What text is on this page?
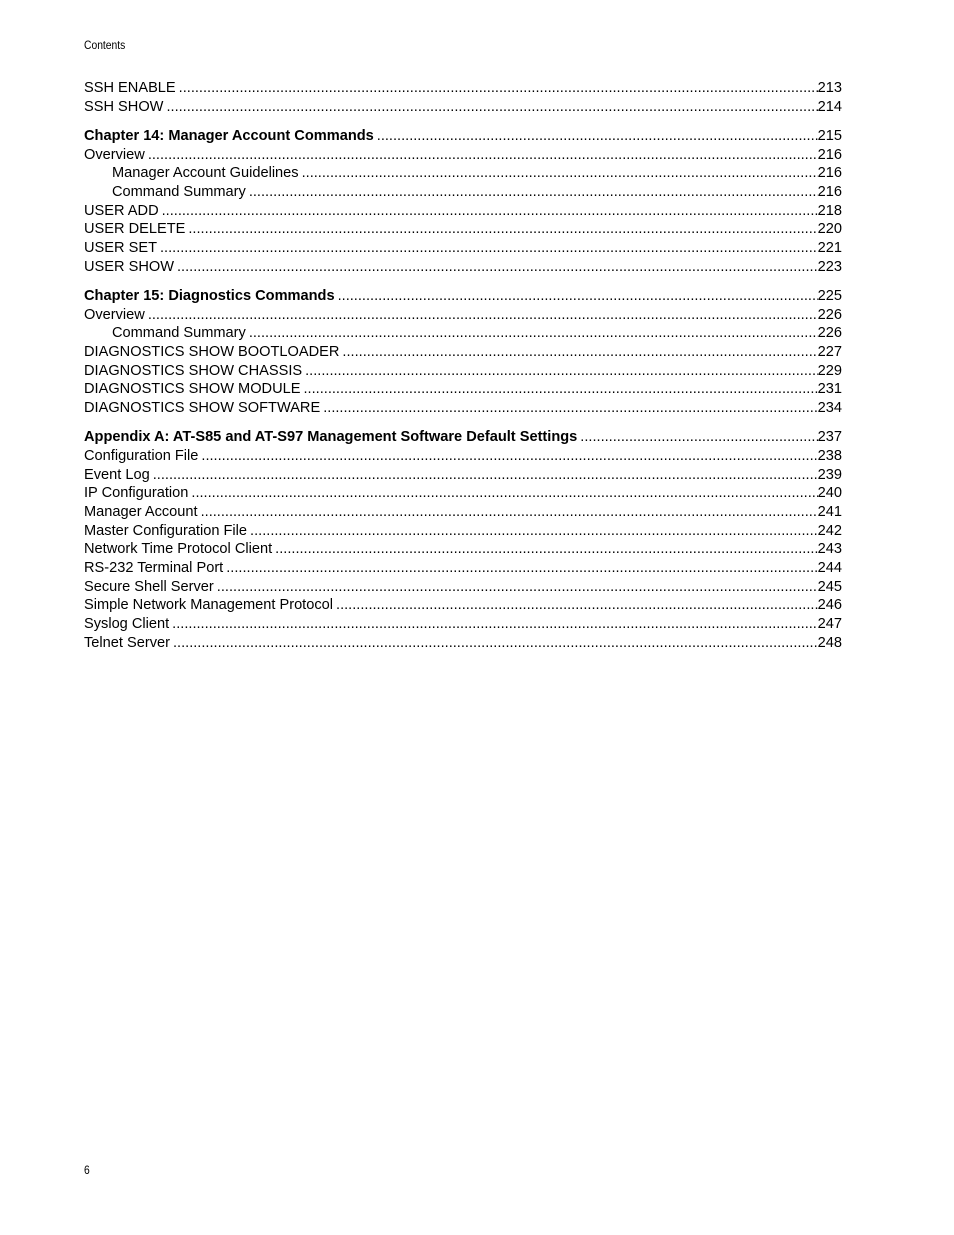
Contents
SSH ENABLE .....	213
SSH SHOW .....	214
Chapter 14: Manager Account Commands .....	215
Overview .....	216
Manager Account Guidelines .....	216
Command Summary .....	216
USER ADD .....	218
USER DELETE .....	220
USER SET .....	221
USER SHOW .....	223
Chapter 15: Diagnostics Commands .....	225
Overview .....	226
Command Summary .....	226
DIAGNOSTICS SHOW BOOTLOADER .....	227
DIAGNOSTICS SHOW CHASSIS .....	229
DIAGNOSTICS SHOW MODULE .....	231
DIAGNOSTICS SHOW SOFTWARE .....	234
Appendix A: AT-S85 and AT-S97 Management Software Default Settings .....	237
Configuration File .....	238
Event Log .....	239
IP Configuration .....	240
Manager Account .....	241
Master Configuration File .....	242
Network Time Protocol Client .....	243
RS-232 Terminal Port .....	244
Secure Shell Server .....	245
Simple Network Management Protocol .....	246
Syslog Client .....	247
Telnet Server .....	248
6
